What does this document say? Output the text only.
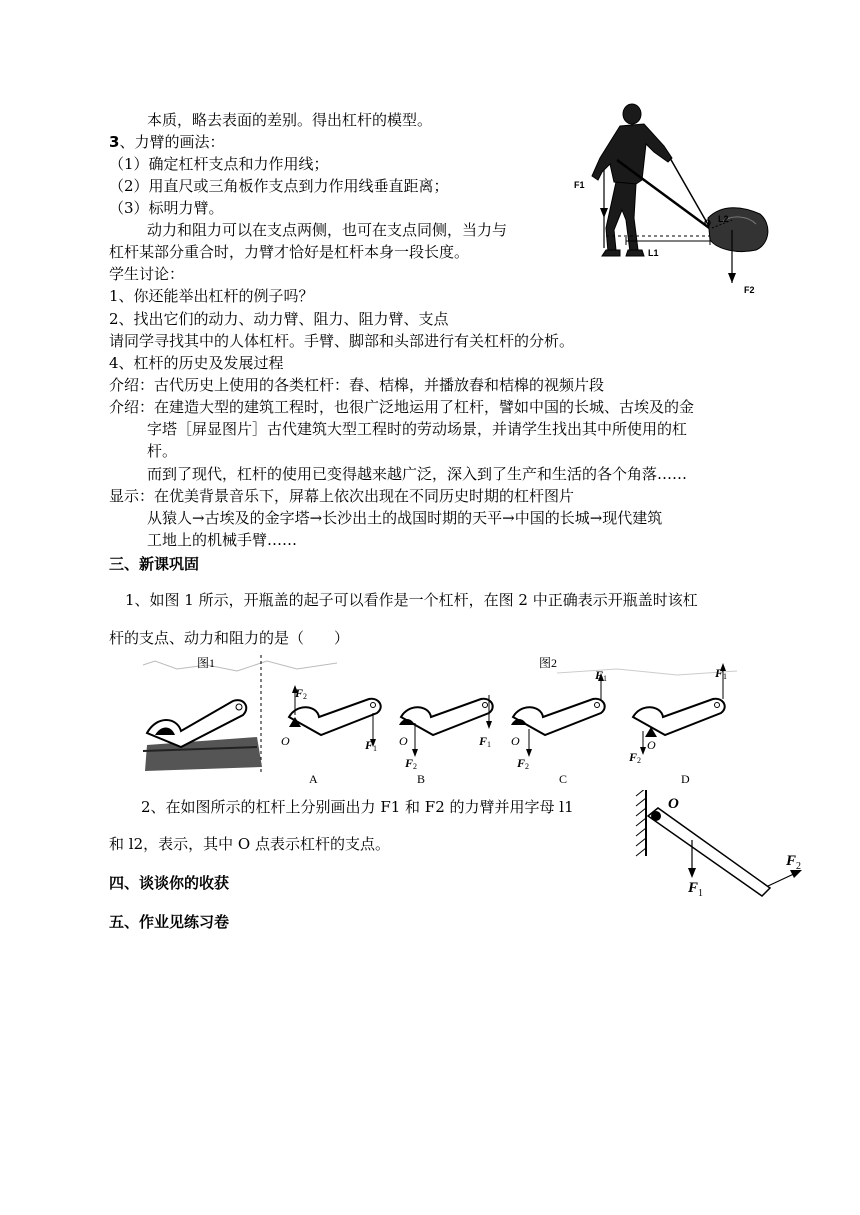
本质，略去表面的差别。得出杠杆的模型。
3、力臂的画法：
（1）确定杠杆支点和力作用线；
（2）用直尺或三角板作支点到力作用线垂直距离；
（3）标明力臂。
动力和阻力可以在支点两侧，也可在支点同侧，当力与
杠杆某部分重合时，力臂才恰好是杠杆本身一段长度。
学生讨论：
1、你还能举出杠杆的例子吗？
2、找出它们的动力、动力臂、阻力、阻力臂、支点
请同学寻找其中的人体杠杆。手臂、脚部和头部进行有关杠杆的分析。
4、杠杆的历史及发展过程
介绍：古代历史上使用的各类杠杆：舂、桔槔，并播放舂和桔槔的视频片段
介绍：在建造大型的建筑工程时，也很广泛地运用了杠杆，譬如中国的长城、古埃及的金
字塔［屏显图片］古代建筑大型工程时的劳动场景，并请学生找出其中所使用的杠
杆。
而到了现代，杠杆的使用已变得越来越广泛，深入到了生产和生活的各个角落……
显示：在优美背景音乐下，屏幕上依次出现在不同历史时期的杠杆图片
从猿人→古埃及的金字塔→长沙出土的战国时期的天平→中国的长城→现代建筑
工地上的机械手臂……
三、新课巩固
1、如图 1 所示，开瓶盖的起子可以看作是一个杠杆，在图 2 中正确表示开瓶盖时该杠
杆的支点、动力和阻力的是（　　）
2、在如图所示的杠杆上分别画出力 F1 和 F2 的力臂并用字母 l1
和 l2，表示，其中 O 点表示杠杆的支点。
四、谈谈你的收获
五、作业见练习卷
F1
O L2
L1
F2
图1	图2
F 2
O	F 1
A
O
F 2
F 1
B
O
F 2
F 1
C
O
F 2
F 1
D
O
F 1
F 2
